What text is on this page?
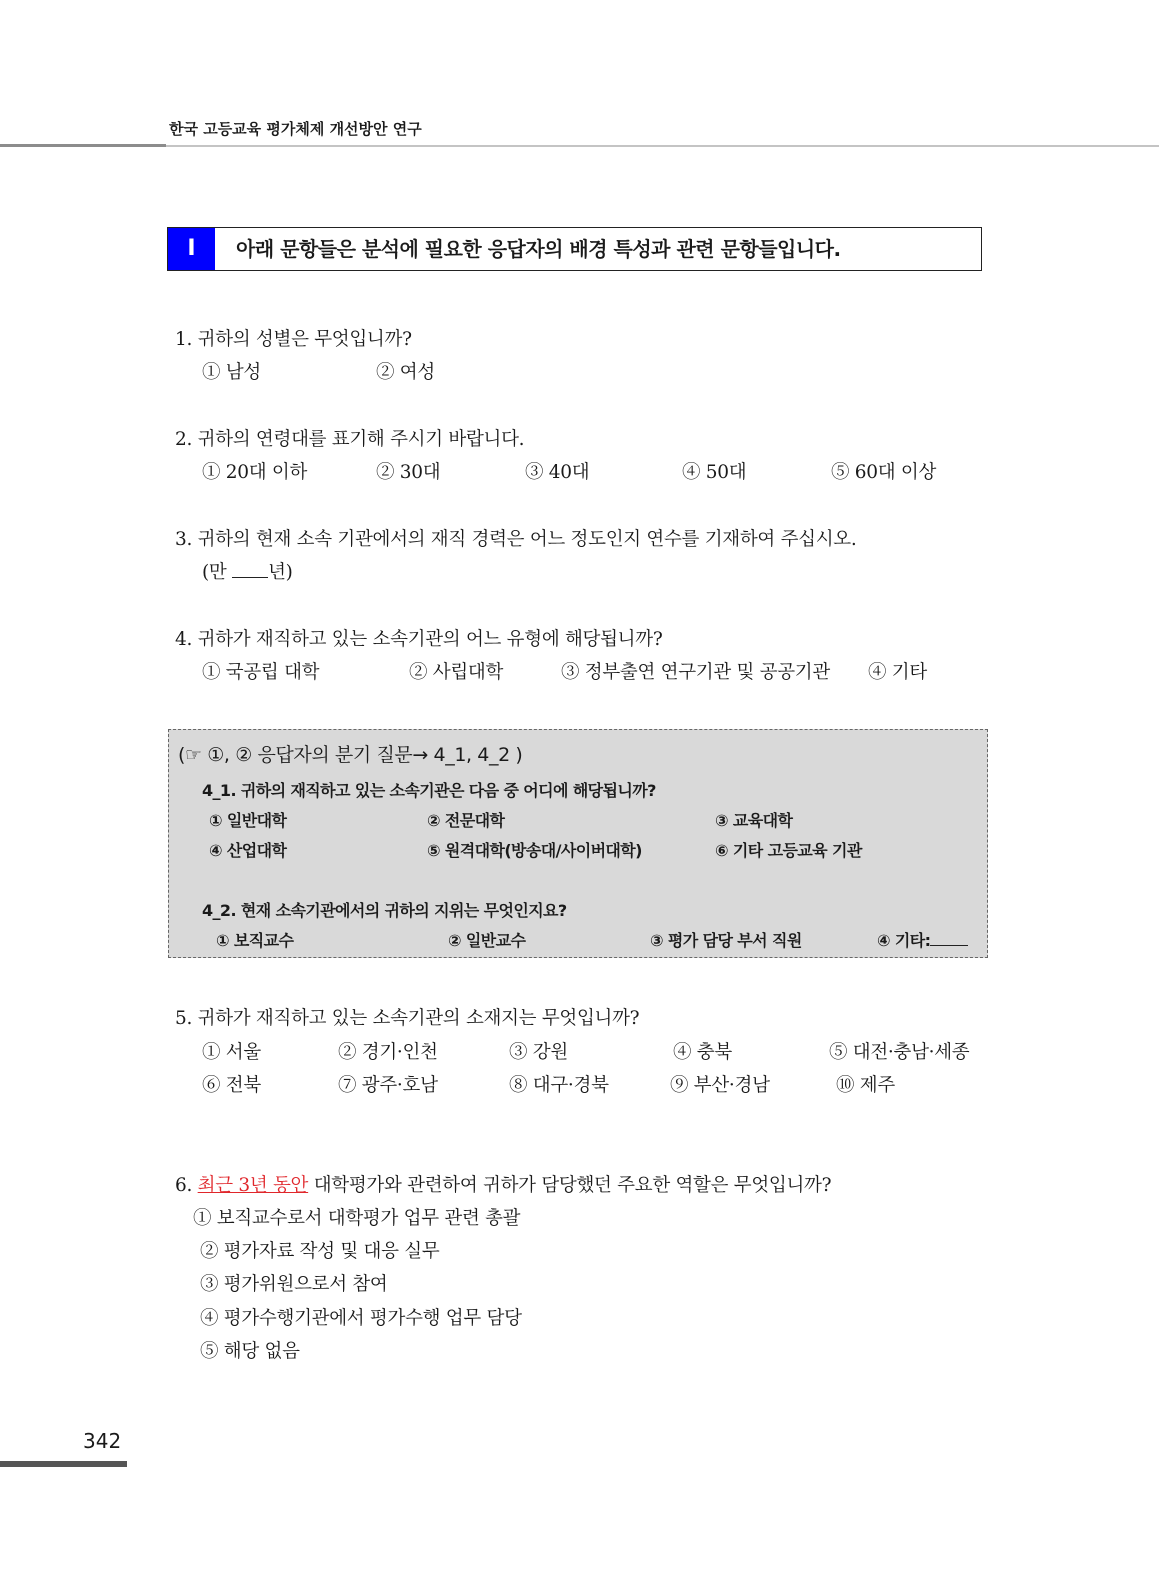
한국 고등교육 평가체제 개선방안 연구
I	아래 문항들은 분석에 필요한 응답자의 배경 특성과 관련 문항들입니다.
1. 귀하의 성별은 무엇입니까?
① 남성	② 여성
2. 귀하의 연령대를 표기해 주시기 바랍니다.
① 20대 이하	② 30대	③ 40대	④ 50대	⑤ 60대 이상
3. 귀하의 현재 소속 기관에서의 재직 경력은 어느 정도인지 연수를 기재하여 주십시오.
(만 년)
4. 귀하가 재직하고 있는 소속기관의 어느 유형에 해당됩니까?
① 국공립 대학	② 사립대학	③ 정부출연 연구기관 및 공공기관 ④ 기타
(☞ ①, ② 응답자의 분기 질문→ 4_1, 4_2 )
4_1. 귀하의 재직하고 있는 소속기관은 다음 중 어디에 해당됩니까?
① 일반대학	② 전문대학	③ 교육대학
④ 산업대학	⑤ 원격대학(방송대/사이버대학)	⑥ 기타 고등교육 기관
4_2. 현재 소속기관에서의 귀하의 지위는 무엇인지요?
① 보직교수	② 일반교수	③ 평가 담당 부서 직원	④ 기타:
5. 귀하가 재직하고 있는 소속기관의 소재지는 무엇입니까?
① 서울	② 경기·인천	③ 강원	④ 충북	⑤ 대전·충남·세종
⑥ 전북	⑦ 광주·호남	⑧ 대구·경북	⑨ 부산·경남	⑩ 제주
6. 최근 3년 동안 대학평가와 관련하여 귀하가 담당했던 주요한 역할은 무엇입니까?
① 보직교수로서 대학평가 업무 관련 총괄
② 평가자료 작성 및 대응 실무
③ 평가위원으로서 참여
④ 평가수행기관에서 평가수행 업무 담당
⑤ 해당 없음
342
